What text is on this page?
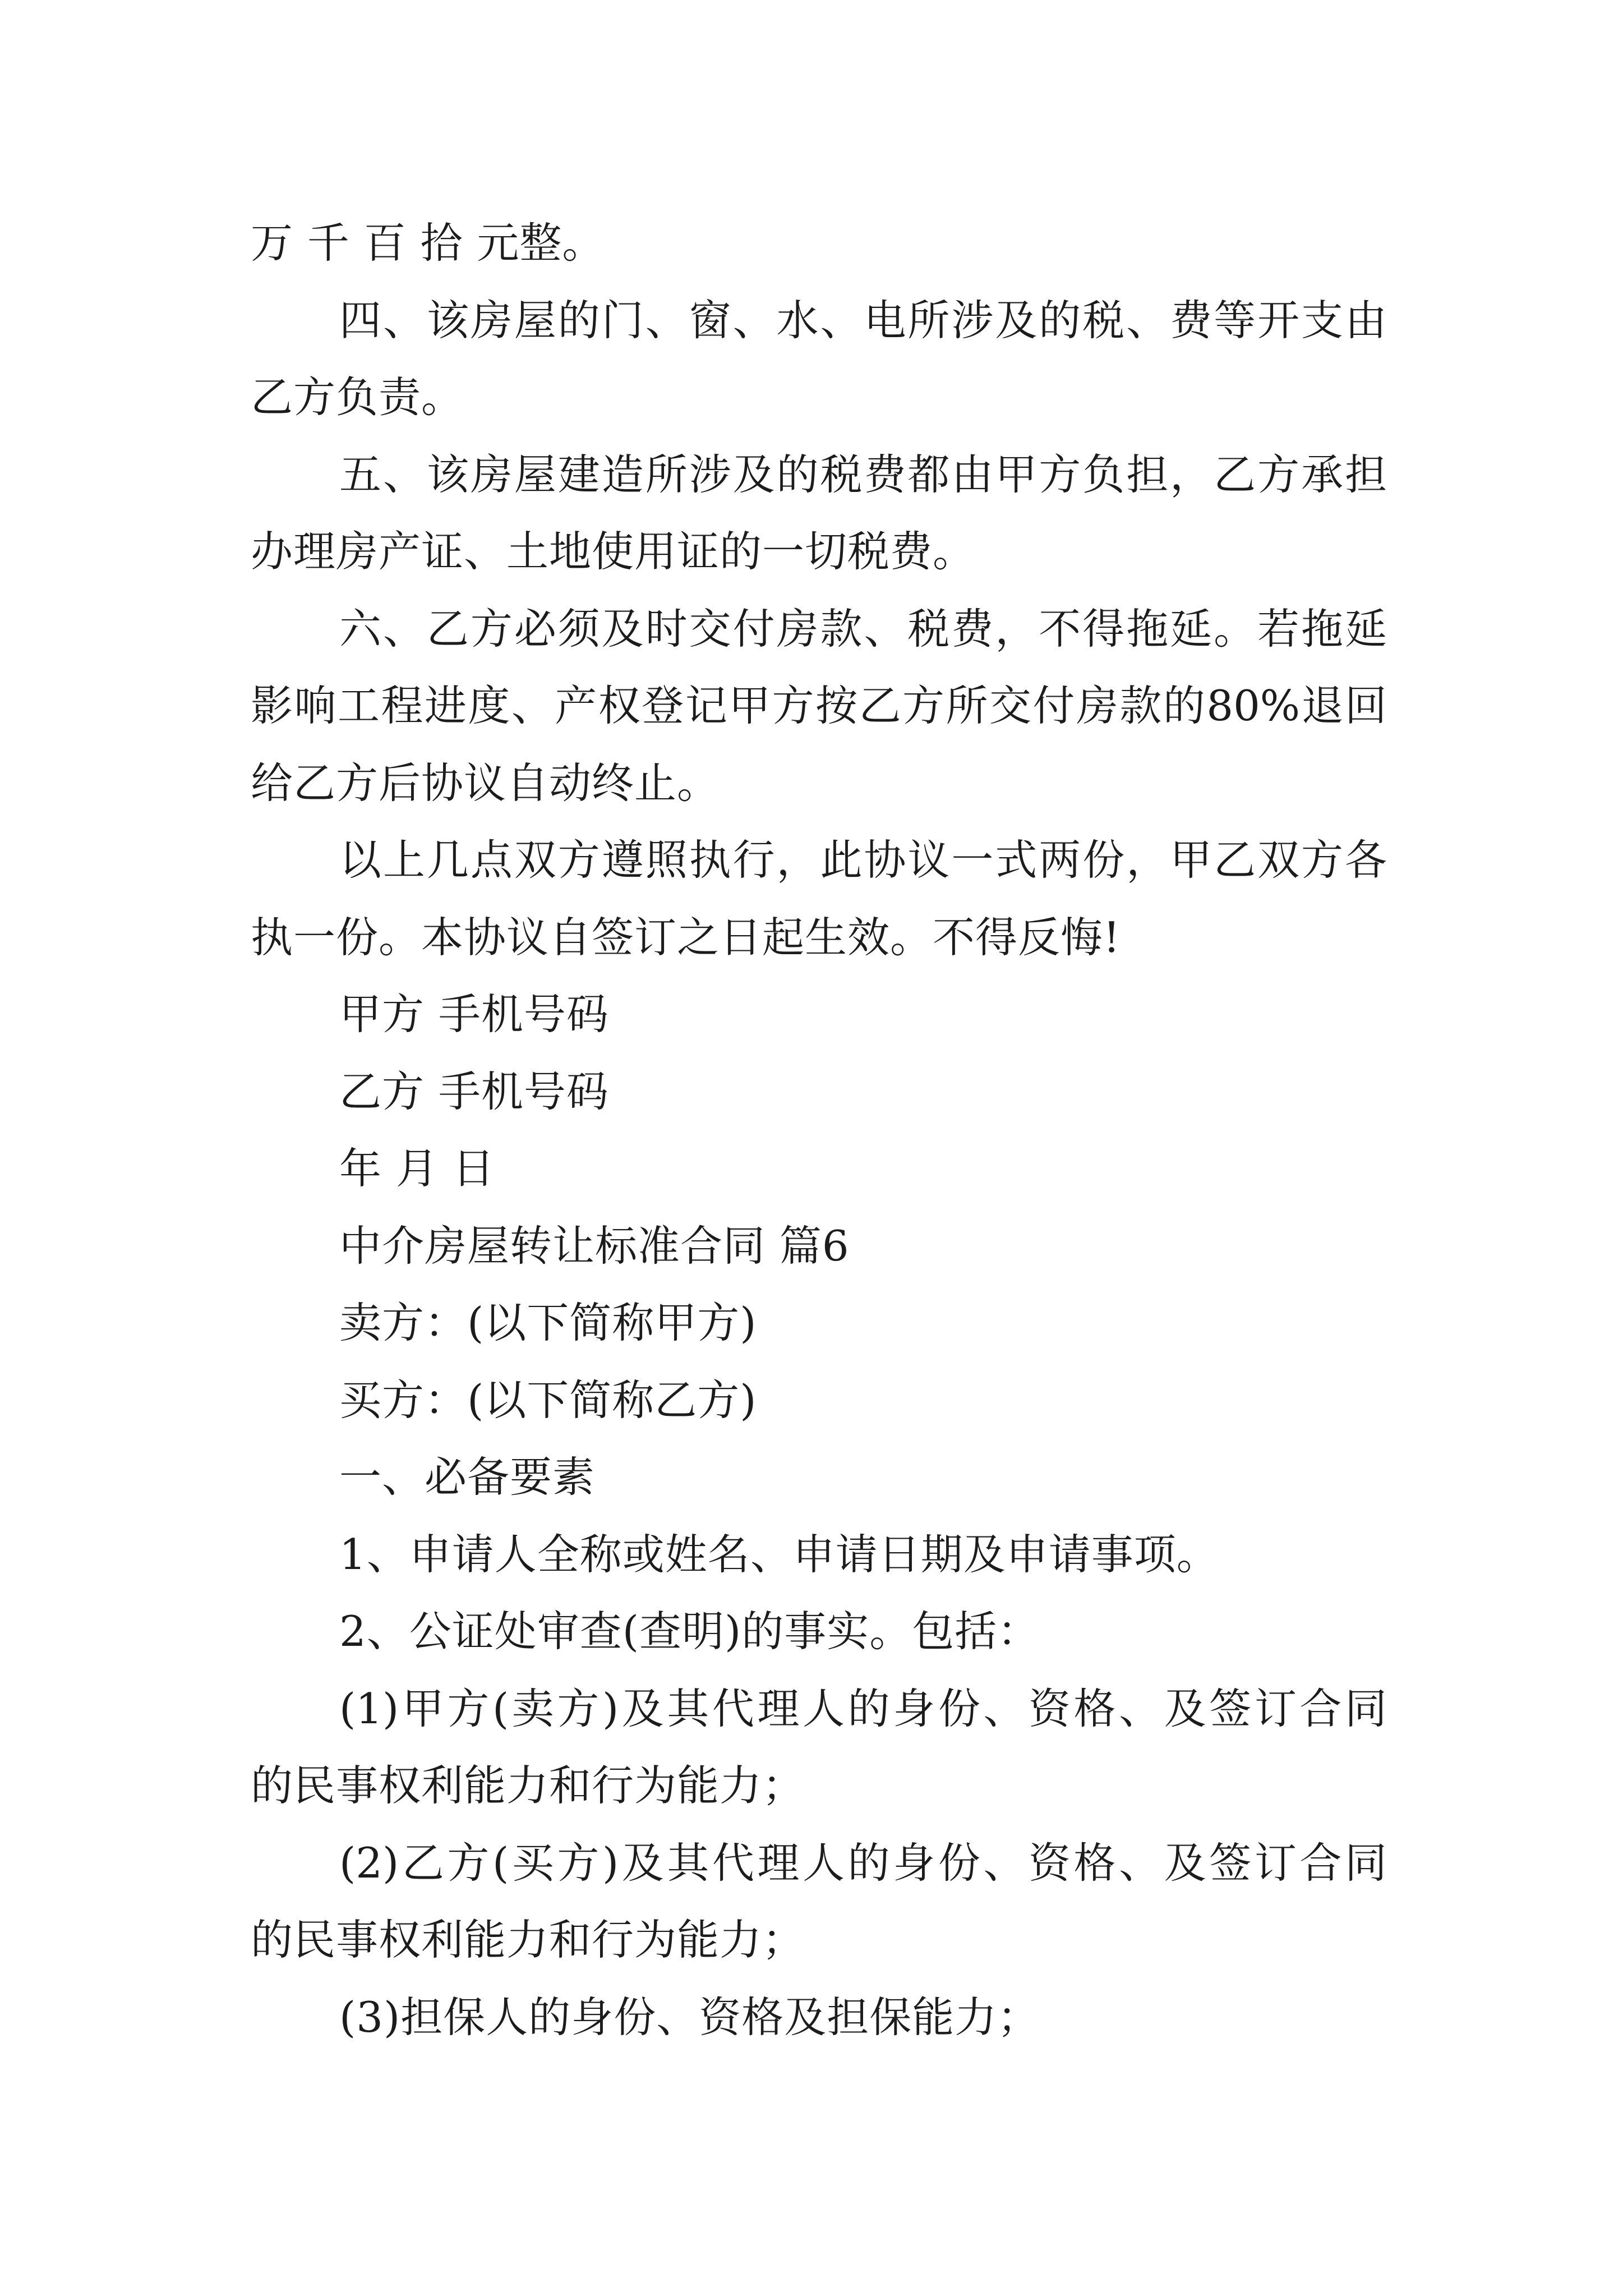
万 千 百 拾 元整。
四、该房屋的门、窗、水、电所涉及的税、费等开支由
乙方负责。
五、该房屋建造所涉及的税费都由甲方负担，乙方承担
办理房产证、土地使用证的一切税费。
六、乙方必须及时交付房款、税费，不得拖延。若拖延
影响工程进度、产权登记甲方按乙方所交付房款的80%退回
给乙方后协议自动终止。
以上几点双方遵照执行，此协议一式两份，甲乙双方各
执一份。本协议自签订之日起生效。不得反悔!
甲方 手机号码
乙方 手机号码
年 月 日
中介房屋转让标准合同 篇6
卖方：(以下简称甲方)
买方：(以下简称乙方)
一、必备要素
1、申请人全称或姓名、申请日期及申请事项。
2、公证处审查(查明)的事实。包括：
(1)甲方(卖方)及其代理人的身份、资格、及签订合同
的民事权利能力和行为能力；
(2)乙方(买方)及其代理人的身份、资格、及签订合同
的民事权利能力和行为能力；
(3)担保人的身份、资格及担保能力；
